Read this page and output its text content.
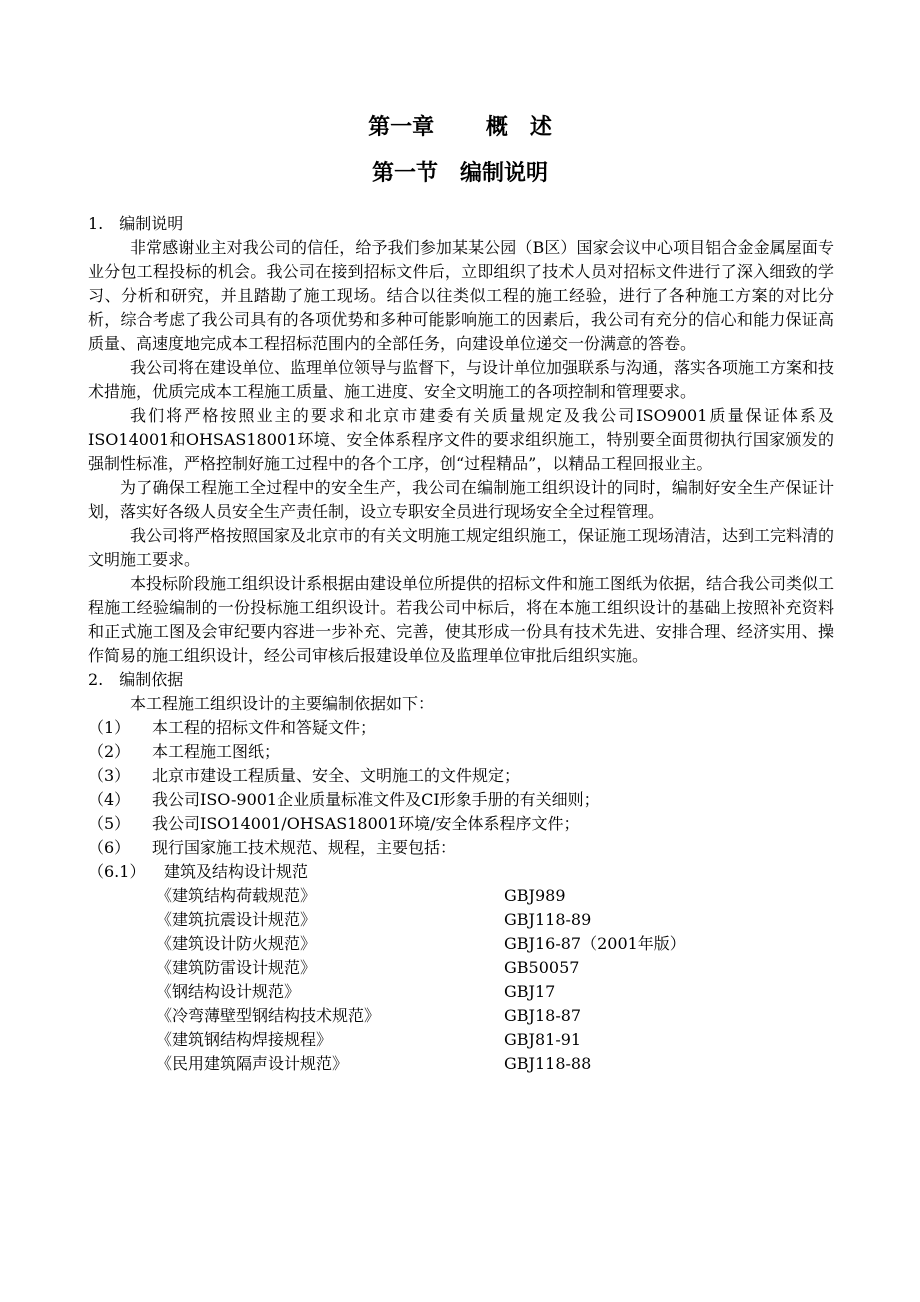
第一章　　 概　述
第一节　编制说明

1.　编制说明

非常感谢业主对我公司的信任，给予我们参加某某公园（B区）国家会议中心项目铝合金金属屋面专业分包工程投标的机会。我公司在接到招标文件后，立即组织了技术人员对招标文件进行了深入细致的学习、分析和研究，并且踏勘了施工现场。结合以往类似工程的施工经验，进行了各种施工方案的对比分析，综合考虑了我公司具有的各项优势和多种可能影响施工的因素后，我公司有充分的信心和能力保证高质量、高速度地完成本工程招标范围内的全部任务，向建设单位递交一份满意的答卷。

我公司将在建设单位、监理单位领导与监督下，与设计单位加强联系与沟通，落实各项施工方案和技术措施，优质完成本工程施工质量、施工进度、安全文明施工的各项控制和管理要求。

我们将严格按照业主的要求和北京市建委有关质量规定及我公司ISO9001质量保证体系及ISO14001和OHSAS18001环境、安全体系程序文件的要求组织施工，特别要全面贯彻执行国家颁发的强制性标准，严格控制好施工过程中的各个工序，创“过程精品”，以精品工程回报业主。

为了确保工程施工全过程中的安全生产，我公司在编制施工组织设计的同时，编制好安全生产保证计划，落实好各级人员安全生产责任制，设立专职安全员进行现场安全全过程管理。

我公司将严格按照国家及北京市的有关文明施工规定组织施工，保证施工现场清洁，达到工完料清的文明施工要求。

本投标阶段施工组织设计系根据由建设单位所提供的招标文件和施工图纸为依据，结合我公司类似工程施工经验编制的一份投标施工组织设计。若我公司中标后，将在本施工组织设计的基础上按照补充资料和正式施工图及会审纪要内容进一步补充、完善，使其形成一份具有技术先进、安排合理、经济实用、操作简易的施工组织设计，经公司审核后报建设单位及监理单位审批后组织实施。

2.　编制依据

本工程施工组织设计的主要编制依据如下：

（1）	本工程的招标文件和答疑文件；
（2）	本工程施工图纸；
（3）	北京市建设工程质量、安全、文明施工的文件规定；
（4）	我公司ISO-9001企业质量标准文件及CI形象手册的有关细则；
（5）	我公司ISO14001/OHSAS18001环境/安全体系程序文件；
（6）	现行国家施工技术规范、规程，主要包括：
（6.1）	建筑及结构设计规范
《建筑结构荷载规范》	GBJ989
《建筑抗震设计规范》	GBJ118-89
《建筑设计防火规范》	GBJ16-87（2001年版）
《建筑防雷设计规范》	GB50057
《钢结构设计规范》	GBJ17
《冷弯薄壁型钢结构技术规范》	GBJ18-87
《建筑钢结构焊接规程》	GBJ81-91
《民用建筑隔声设计规范》	GBJ118-88
